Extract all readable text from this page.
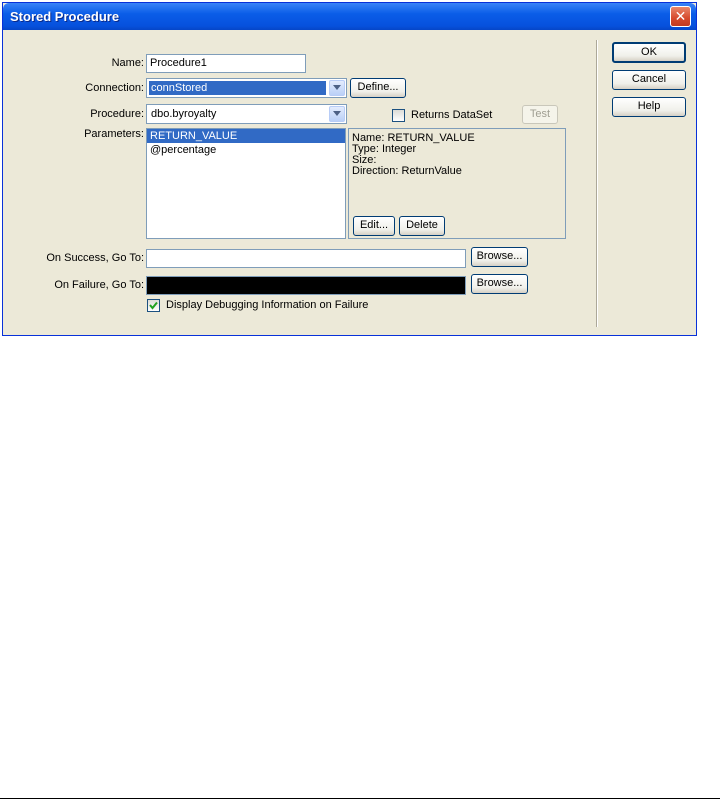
Stored Procedure	✕
Name: Procedure1
Connection: connStored	Define...
Procedure: dbo.byroyalty	Returns DataSet	Test
Parameters: RETURN_VALUE
@percentage
Name: RETURN_VALUE
Type: Integer
Size:
Direction: ReturnValue
Edit...	Delete
On Success, Go To:	Browse...
On Failure, Go To:	Browse...
Display Debugging Information on Failure
OK
Cancel
Help
